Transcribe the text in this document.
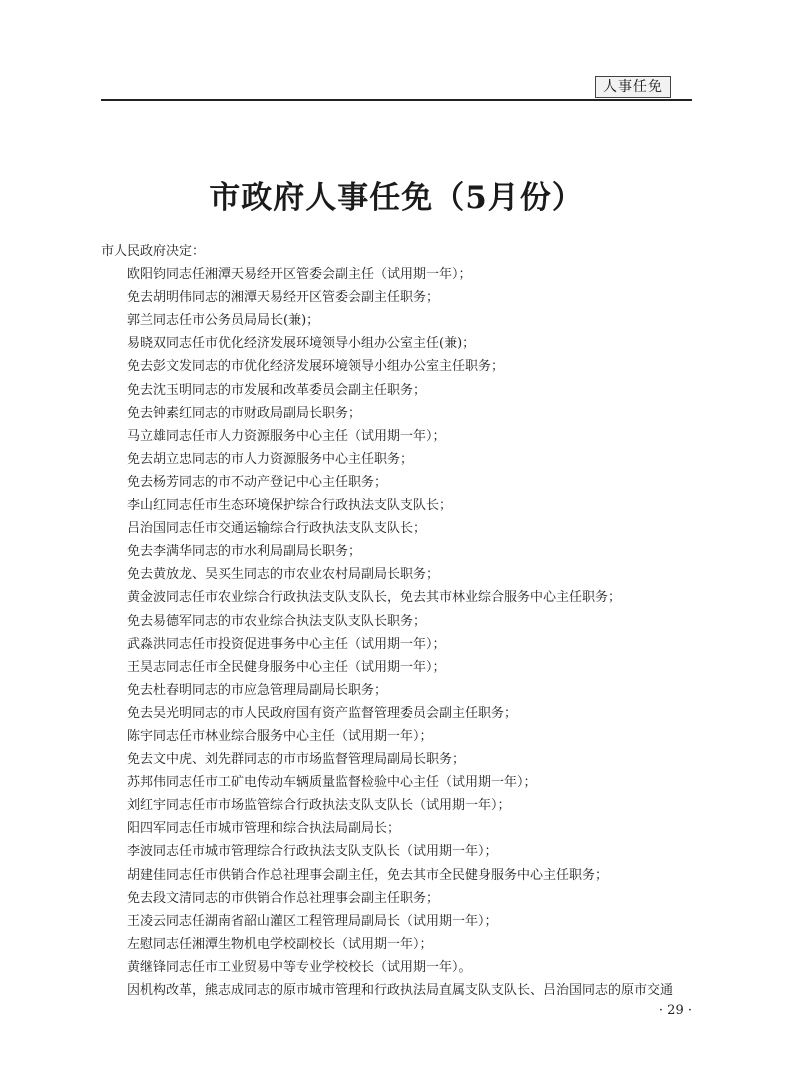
人事任免
市政府人事任免（5月份）
市人民政府决定：
欧阳钧同志任湘潭天易经开区管委会副主任（试用期一年）；
免去胡明伟同志的湘潭天易经开区管委会副主任职务；
郭兰同志任市公务员局局长(兼)；
易晓双同志任市优化经济发展环境领导小组办公室主任(兼)；
免去彭文发同志的市优化经济发展环境领导小组办公室主任职务；
免去沈玉明同志的市发展和改革委员会副主任职务；
免去钟素红同志的市财政局副局长职务；
马立雄同志任市人力资源服务中心主任（试用期一年）；
免去胡立忠同志的市人力资源服务中心主任职务；
免去杨芳同志的市不动产登记中心主任职务；
李山红同志任市生态环境保护综合行政执法支队支队长；
吕治国同志任市交通运输综合行政执法支队支队长；
免去李满华同志的市水利局副局长职务；
免去黄放龙、吴买生同志的市农业农村局副局长职务；
黄金波同志任市农业综合行政执法支队支队长，免去其市林业综合服务中心主任职务；
免去易德军同志的市农业综合执法支队支队长职务；
武淼洪同志任市投资促进事务中心主任（试用期一年）；
王昊志同志任市全民健身服务中心主任（试用期一年）；
免去杜春明同志的市应急管理局副局长职务；
免去吴光明同志的市人民政府国有资产监督管理委员会副主任职务；
陈宇同志任市林业综合服务中心主任（试用期一年）；
免去文中虎、刘先群同志的市市场监督管理局副局长职务；
苏邦伟同志任市工矿电传动车辆质量监督检验中心主任（试用期一年）；
刘红宇同志任市市场监管综合行政执法支队支队长（试用期一年）；
阳四军同志任市城市管理和综合执法局副局长；
李波同志任市城市管理综合行政执法支队支队长（试用期一年）；
胡建佳同志任市供销合作总社理事会副主任，免去其市全民健身服务中心主任职务；
免去段文清同志的市供销合作总社理事会副主任职务；
王凌云同志任湖南省韶山灌区工程管理局副局长（试用期一年）；
左慰同志任湘潭生物机电学校副校长（试用期一年）；
黄继锋同志任市工业贸易中等专业学校校长（试用期一年）。
因机构改革，熊志成同志的原市城市管理和行政执法局直属支队支队长、吕治国同志的原市交通
· 29 ·
